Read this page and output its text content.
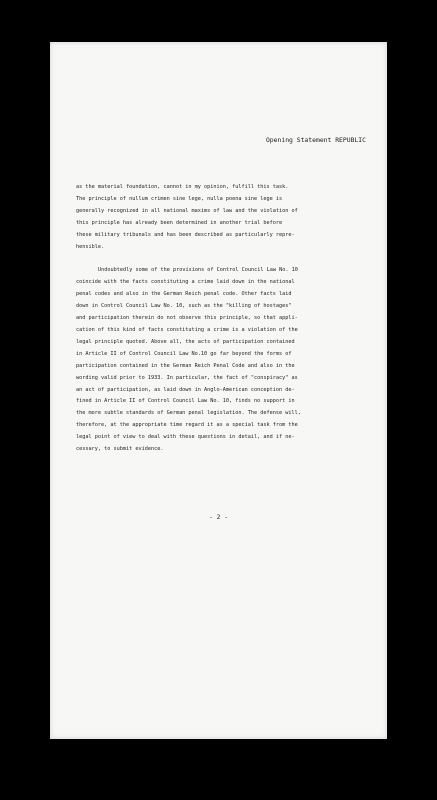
Opening Statement REPUBLIC
as the material foundation, cannot in my opinion, fulfill this task.
The principle of nullum crimen sine lege, nulla poena sine lege is
generally recognized in all national maxims of law and the violation of
this principle has already been determined in another trial before
these military tribunals and has been described as particularly repre-
hensible.
Undoubtedly some of the provisions of Control Council Law No. 10
coincide with the facts constituting a crime laid down in the national
penal codes and also in the German Reich penal code. Other facts laid
down in Control Council Law No. 10, such as the "killing of hostages"
and participation therein do not observe this principle, so that appli-
cation of this kind of facts constituting a crime is a violation of the
legal principle quoted. Above all, the acts of participation contained
in Article II of Control Council Law No.10 go far beyond the forms of
participation contained in the German Reich Penal Code and also in the
wording valid prior to 1933. In particular, the fact of "conspiracy" as
an act of participation, as laid down in Anglo-American conception de-
fined in Article II of Control Council Law No. 10, finds no support in
the more subtle standards of German penal legislation. The defense will,
therefore, at the appropriate time regard it as a special task from the
legal point of view to deal with these questions in detail, and if ne-
cessary, to submit evidence.
- 2 -
